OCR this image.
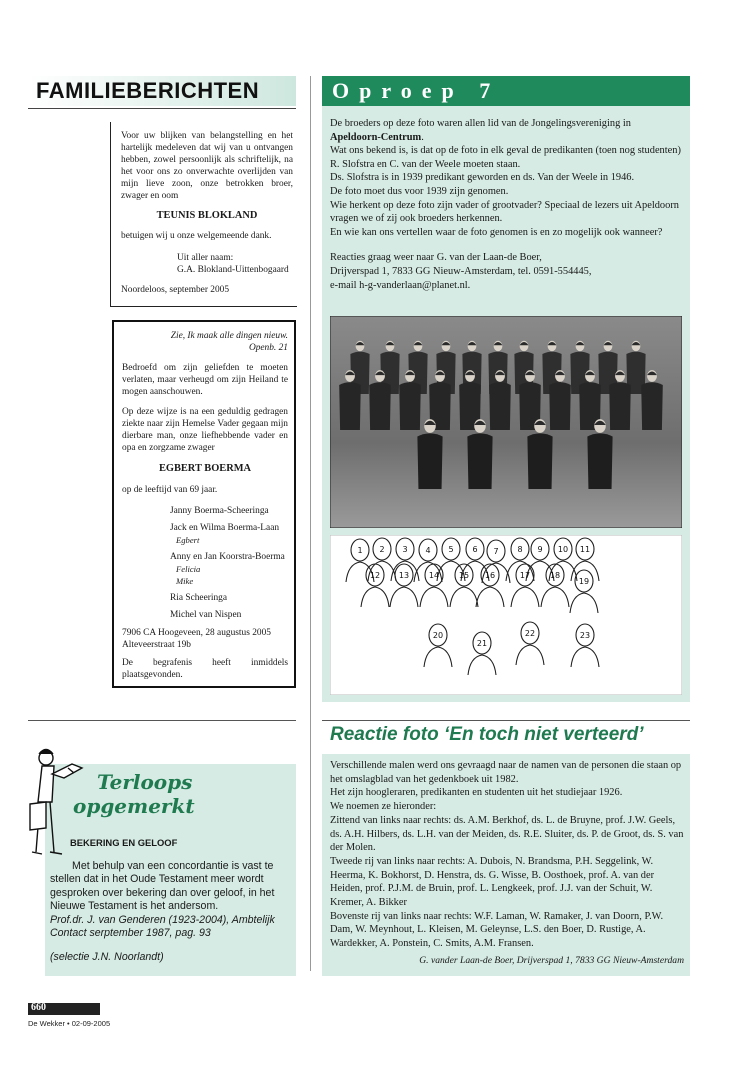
FAMILIEBERICHTEN

Voor uw blijken van belangstelling en het hartelijk medeleven dat wij van u ontvangen hebben, zowel persoonlijk als schriftelijk, na het voor ons zo onverwachte overlijden van mijn lieve zoon, onze betrokken broer, zwager en oom

TEUNIS BLOKLAND

betuigen wij u onze welgemeende dank.

Uit aller naam:

G.A. Blokland-Uittenbogaard

Noordeloos, september 2005

Zie, Ik maak alle dingen nieuw.

Openb. 21

Bedroefd om zijn geliefden te moeten verlaten, maar verheugd om zijn Heiland te mogen aanschouwen.

Op deze wijze is na een geduldig gedragen ziekte naar zijn Hemelse Vader gegaan mijn dierbare man, onze liefhebbende vader en opa en zorgzame zwager

EGBERT BOERMA

op de leeftijd van 69 jaar.

Janny Boerma-Scheeringa

Jack en Wilma Boerma-Laan

Egbert

Anny en Jan Koorstra-Boerma

Felicia

Mike

Ria Scheeringa

Michel van Nispen

7906 CA Hoogeveen, 28 augustus 2005

Alteveerstraat 19b

De begrafenis heeft inmiddels plaatsgevonden.

Oproep 7

De broeders op deze foto waren allen lid van de Jongelingsvereniging in Apeldoorn-Centrum.

Wat ons bekend is, is dat op de foto in elk geval de predikanten (toen nog studenten) R. Slofstra en C. van der Weele moeten staan.

Ds. Slofstra is in 1939 predikant geworden en ds. Van der Weele in 1946.

De foto moet dus voor 1939 zijn genomen.

Wie herkent op deze foto zijn vader of grootvader? Speciaal de lezers uit Apeldoorn vragen we of zij ook broeders herkennen.

En wie kan ons vertellen waar de foto genomen is en zo mogelijk ook wanneer?

Reacties graag weer naar G. van der Laan-de Boer,

Drijverspad 1, 7833 GG Nieuw-Amsterdam, tel. 0591-554445,

e-mail h-g-vanderlaan@planet.nl.

1 2 3 4 5 6 7 8 9 10 11
12 13 14 15 16	17 18
19
20
21
22	23
Reactie foto ‘En toch niet verteerd’

Verschillende malen werd ons gevraagd naar de namen van de personen die staan op het omslagblad van het gedenkboek uit 1982.

Het zijn hoogleraren, predikanten en studenten uit het studiejaar 1926.

We noemen ze hieronder:

Zittend van links naar rechts: ds. A.M. Berkhof, ds. L. de Bruyne, prof. J.W. Geels, ds. A.H. Hilbers, ds. L.H. van der Meiden, ds. R.E. Sluiter, ds. P. de Groot, ds. S. van der Molen.

Tweede rij van links naar rechts: A. Dubois, N. Brandsma, P.H. Seggelink, W. Heerma, K. Bokhorst, D. Henstra, ds. G. Wisse, B. Oosthoek, prof. A. van der Heiden, prof. P.J.M. de Bruin, prof. L. Lengkeek, prof. J.J. van der Schuit, W. Kremer, A. Bikker

Bovenste rij van links naar rechts: W.F. Laman, W. Ramaker, J. van Doorn, P.W. Dam, W. Meynhout, L. Kleisen, M. Geleynse, L.S. den Boer, D. Rustige, A. Wardekker, A. Ponstein, C. Smits, A.M. Fransen.

G. vander Laan-de Boer, Drijverspad 1, 7833 GG Nieuw-Amsterdam

Terloops
opgemerkt

BEKERING EN GELOOF

Met behulp van een concordantie is vast te stellen dat in het Oude Testament meer wordt gesproken over bekering dan over geloof, in het Nieuwe Testament is het andersom.

Prof.dr. J. van Genderen (1923-2004), Ambtelijk Contact serptember 1987, pag. 93

(selectie J.N. Noorlandt)

660
De Wekker • 02-09-2005
